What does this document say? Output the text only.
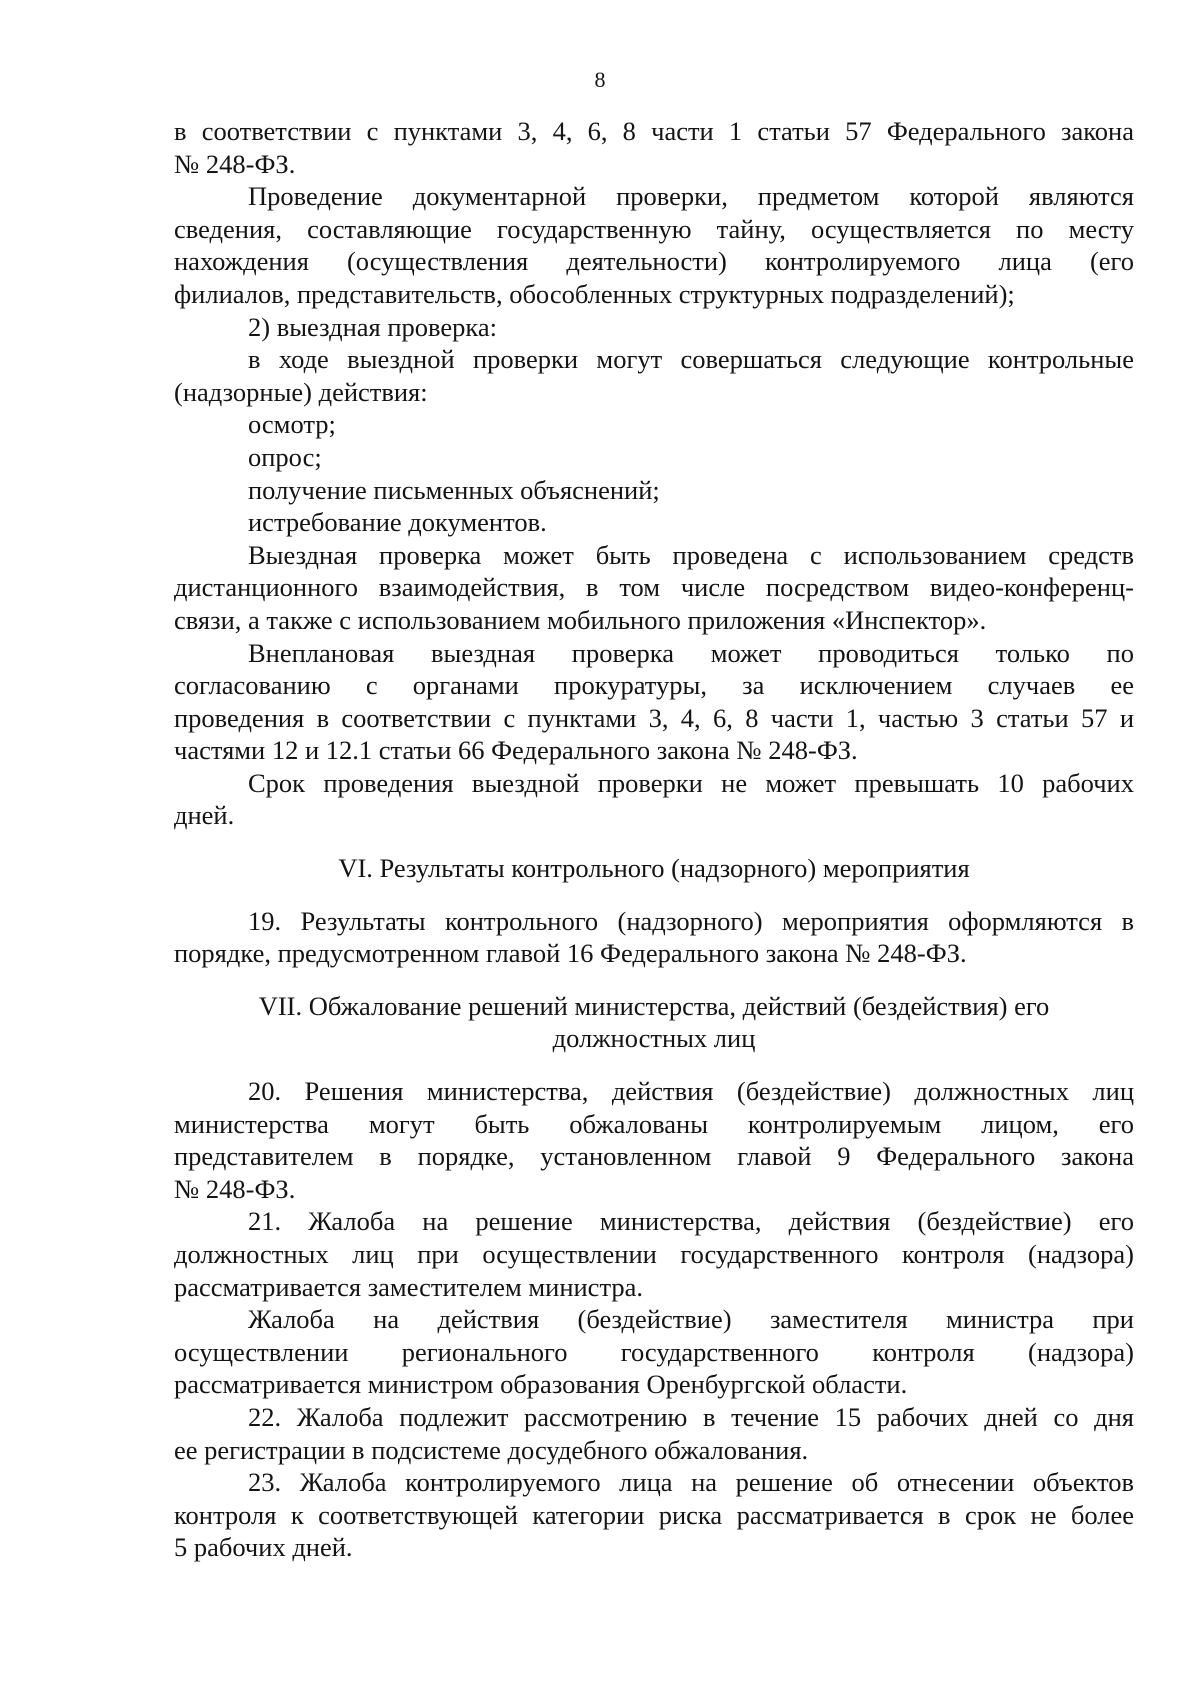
8
в соответствии с пунктами 3, 4, 6, 8 части 1 статьи 57 Федерального закона
№ 248-ФЗ.
Проведение документарной проверки, предметом которой являются
сведения, составляющие государственную тайну, осуществляется по месту
нахождения (осуществления деятельности) контролируемого лица (его
филиалов, представительств, обособленных структурных подразделений);
2) выездная проверка:
в ходе выездной проверки могут совершаться следующие контрольные
(надзорные) действия:
осмотр;
опрос;
получение письменных объяснений;
истребование документов.
Выездная проверка может быть проведена с использованием средств
дистанционного взаимодействия, в том числе посредством видео-конференц-
связи, а также с использованием мобильного приложения «Инспектор».
Внеплановая выездная проверка может проводиться только по
согласованию с органами прокуратуры, за исключением случаев ее
проведения в соответствии с пунктами 3, 4, 6, 8 части 1, частью 3 статьи 57 и
частями 12 и 12.1 статьи 66 Федерального закона № 248-ФЗ.
Срок проведения выездной проверки не может превышать 10 рабочих
дней.
VI. Результаты контрольного (надзорного) мероприятия
19. Результаты контрольного (надзорного) мероприятия оформляются в
порядке, предусмотренном главой 16 Федерального закона № 248-ФЗ.
VII. Обжалование решений министерства, действий (бездействия) его
должностных лиц
20. Решения министерства, действия (бездействие) должностных лиц
министерства могут быть обжалованы контролируемым лицом, его
представителем в порядке, установленном главой 9 Федерального закона
№ 248-ФЗ.
21. Жалоба на решение министерства, действия (бездействие) его
должностных лиц при осуществлении государственного контроля (надзора)
рассматривается заместителем министра.
Жалоба на действия (бездействие) заместителя министра при
осуществлении регионального государственного контроля (надзора)
рассматривается министром образования Оренбургской области.
22. Жалоба подлежит рассмотрению в течение 15 рабочих дней со дня
ее регистрации в подсистеме досудебного обжалования.
23. Жалоба контролируемого лица на решение об отнесении объектов
контроля к соответствующей категории риска рассматривается в срок не более
5 рабочих дней.
